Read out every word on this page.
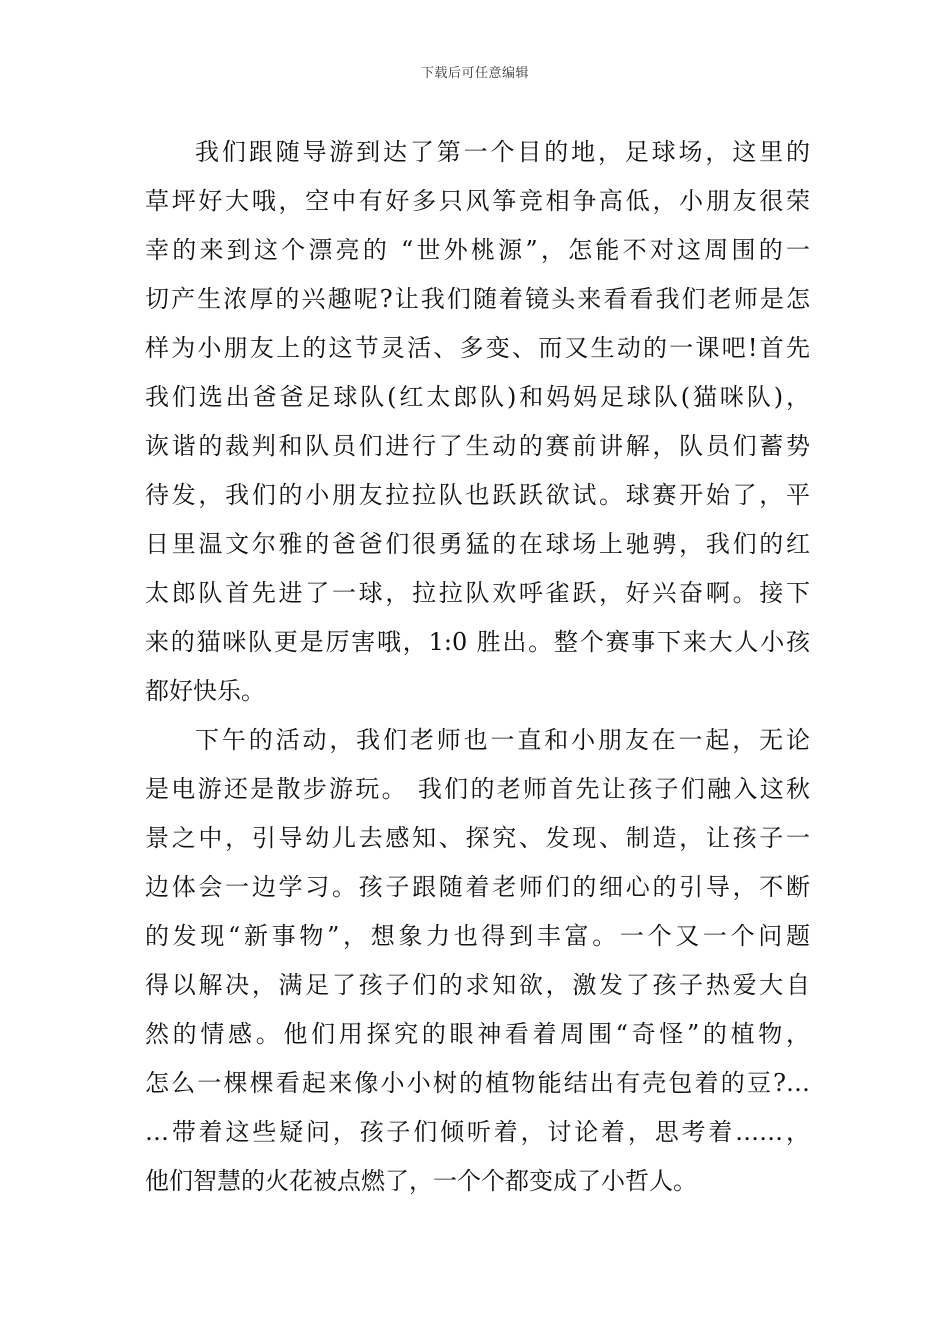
下载后可任意编辑
我们跟随导游到达了第一个目的地，足球场，这里的
草坪好大哦，空中有好多只风筝竞相争高低，小朋友很荣
幸的来到这个漂亮的 “世外桃源”，怎能不对这周围的一
切产生浓厚的兴趣呢?让我们随着镜头来看看我们老师是怎
样为小朋友上的这节灵活、多变、而又生动的一课吧!首先
我们选出爸爸足球队(红太郎队)和妈妈足球队(猫咪队)，
诙谐的裁判和队员们进行了生动的赛前讲解，队员们蓄势
待发，我们的小朋友拉拉队也跃跃欲试。球赛开始了，平
日里温文尔雅的爸爸们很勇猛的在球场上驰骋，我们的红
太郎队首先进了一球，拉拉队欢呼雀跃，好兴奋啊。接下
来的猫咪队更是厉害哦，1:0 胜出。整个赛事下来大人小孩
都好快乐。
下午的活动，我们老师也一直和小朋友在一起，无论
是电游还是散步游玩。 我们的老师首先让孩子们融入这秋
景之中，引导幼儿去感知、探究、发现、制造，让孩子一
边体会一边学习。孩子跟随着老师们的细心的引导，不断
的发现“新事物”，想象力也得到丰富。一个又一个问题
得以解决，满足了孩子们的求知欲，激发了孩子热爱大自
然的情感。他们用探究的眼神看着周围“奇怪”的植物，
怎么一棵棵看起来像小小树的植物能结出有壳包着的豆?…
…带着这些疑问，孩子们倾听着，讨论着，思考着……，
他们智慧的火花被点燃了，一个个都变成了小哲人。
